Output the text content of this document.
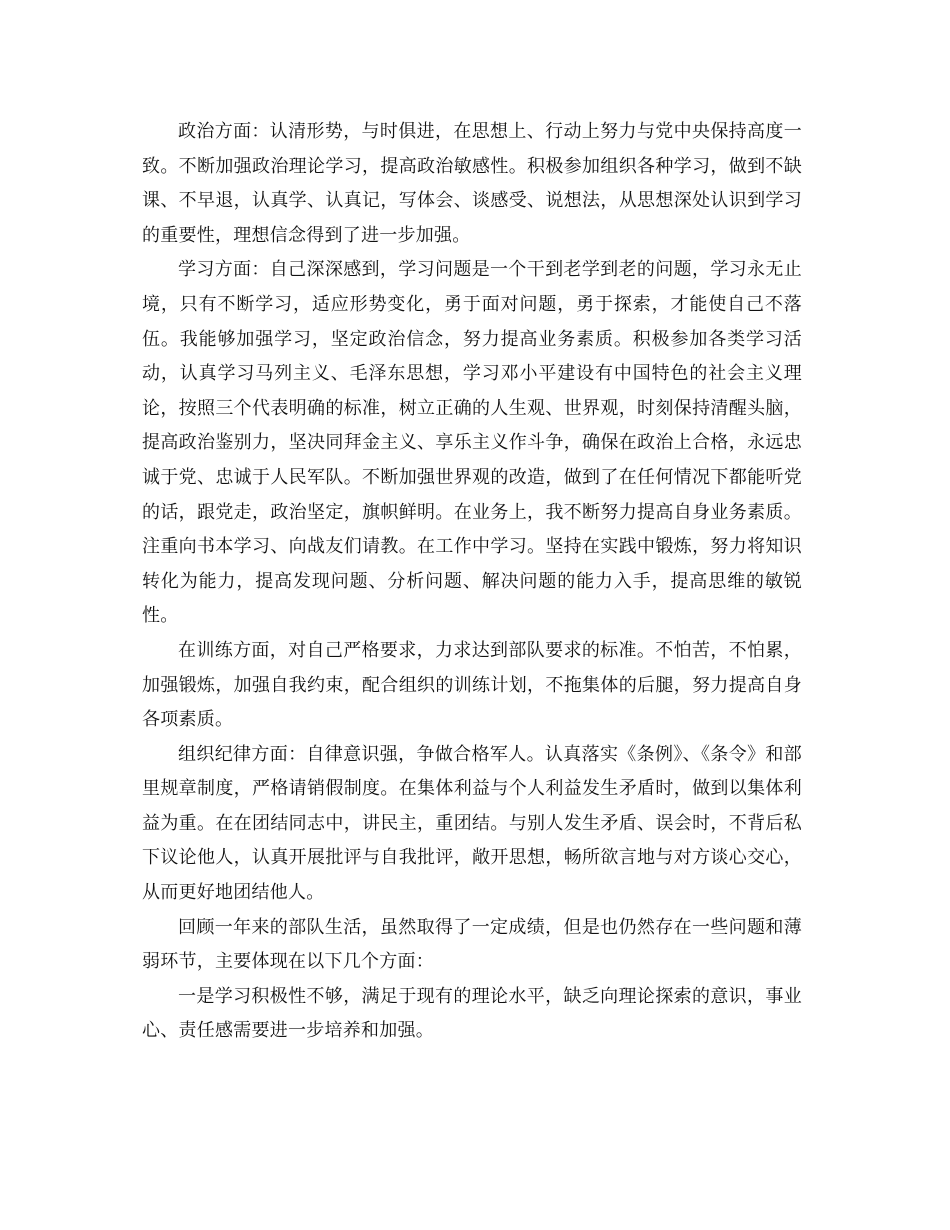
政治方面：认清形势，与时俱进，在思想上、行动上努力与党中央保持高度一致。不断加强政治理论学习，提高政治敏感性。积极参加组织各种学习，做到不缺课、不早退，认真学、认真记，写体会、谈感受、说想法，从思想深处认识到学习的重要性，理想信念得到了进一步加强。

学习方面：自己深深感到，学习问题是一个干到老学到老的问题，学习永无止境，只有不断学习，适应形势变化，勇于面对问题，勇于探索，才能使自己不落伍。我能够加强学习，坚定政治信念，努力提高业务素质。积极参加各类学习活动，认真学习马列主义、毛泽东思想，学习邓小平建设有中国特色的社会主义理论，按照三个代表明确的标准，树立正确的人生观、世界观，时刻保持清醒头脑，提高政治鉴别力，坚决同拜金主义、享乐主义作斗争，确保在政治上合格，永远忠诚于党、忠诚于人民军队。不断加强世界观的改造，做到了在任何情况下都能听党的话，跟党走，政治坚定，旗帜鲜明。在业务上，我不断努力提高自身业务素质。注重向书本学习、向战友们请教。在工作中学习。坚持在实践中锻炼，努力将知识转化为能力，提高发现问题、分析问题、解决问题的能力入手，提高思维的敏锐性。

在训练方面，对自己严格要求，力求达到部队要求的标准。不怕苦，不怕累，加强锻炼，加强自我约束，配合组织的训练计划，不拖集体的后腿，努力提高自身各项素质。

组织纪律方面：自律意识强，争做合格军人。认真落实《条例》、《条令》和部里规章制度，严格请销假制度。在集体利益与个人利益发生矛盾时，做到以集体利益为重。在在团结同志中，讲民主，重团结。与别人发生矛盾、误会时，不背后私下议论他人，认真开展批评与自我批评，敞开思想，畅所欲言地与对方谈心交心，从而更好地团结他人。

回顾一年来的部队生活，虽然取得了一定成绩，但是也仍然存在一些问题和薄弱环节，主要体现在以下几个方面：

一是学习积极性不够，满足于现有的理论水平，缺乏向理论探索的意识，事业心、责任感需要进一步培养和加强。
